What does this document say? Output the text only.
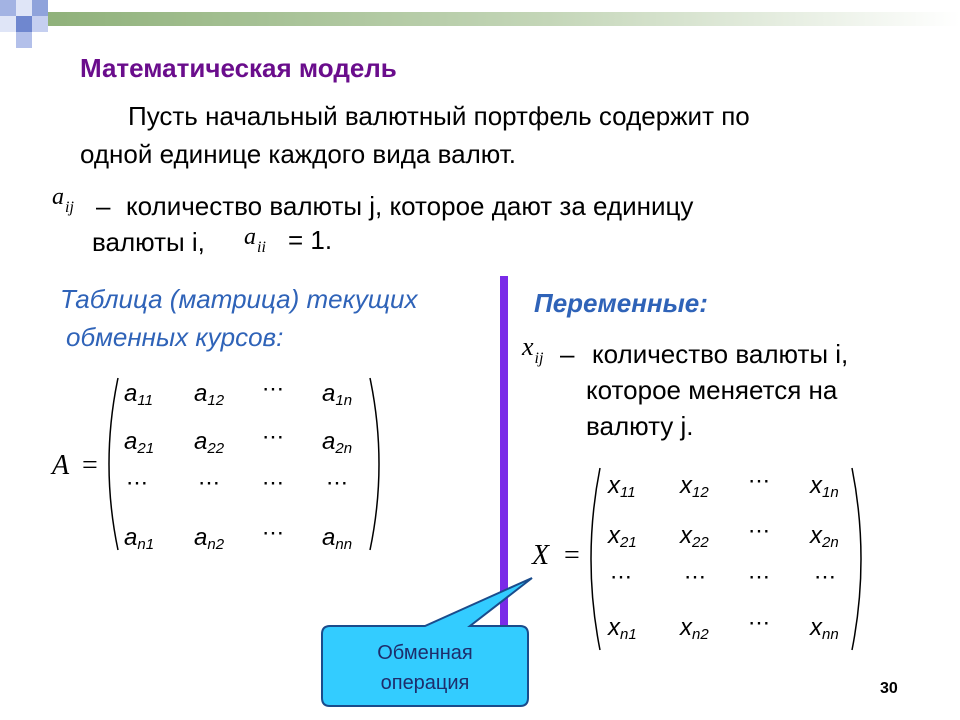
Математическая модель
Пусть начальный валютный портфель содержит по
одной единице каждого вида валют.
$a_{ij}$ – количество валюты j, которое дают за единицу
валюты i, $a_{ii} = 1$.
Таблица (матрица) текущих
обменных курсов:
Переменные:
$x_{ij}$ – количество валюты i,
которое меняется на
валюту j.
A =
$a_{11}$ $a_{12}$ ⋯ $a_{1n}$
$a_{21}$ $a_{22}$ ⋯ $a_{2n}$
⋯ ⋯ ⋯ ⋯
$a_{n1}$ $a_{n2}$ ⋯ $a_{nn}$	X =
$x_{11}$ $x_{12}$ ⋯ $x_{1n}$
$x_{21}$ $x_{22}$ ⋯ $x_{2n}$
⋯ ⋯ ⋯ ⋯
$x_{n1}$ $x_{n2}$ ⋯ $x_{nn}$
Обменная
операция	30
